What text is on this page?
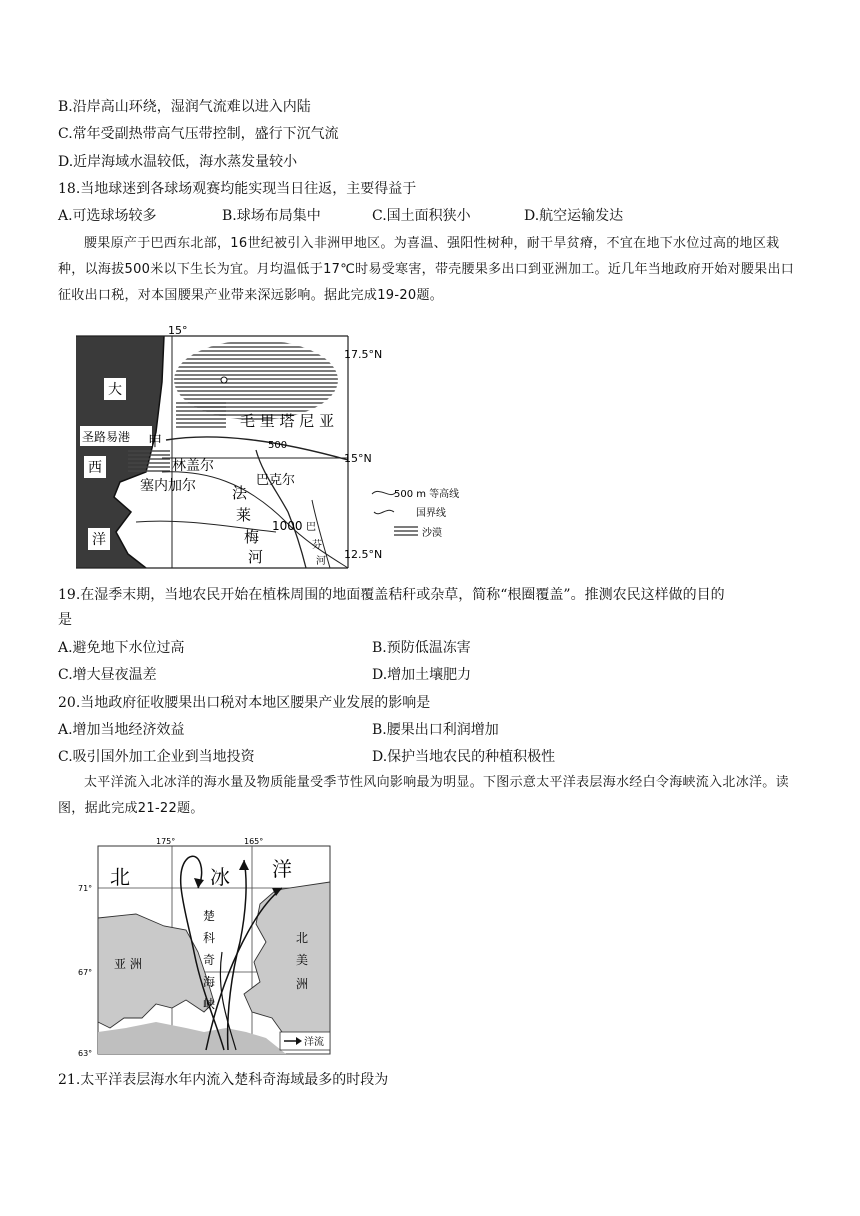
B.沿岸高山环绕，湿润气流难以进入内陆
C.常年受副热带高气压带控制，盛行下沉气流
D.近岸海域水温较低，海水蒸发量较小
18.当地球迷到各球场观赛均能实现当日往返，主要得益于
A.可选球场较多	B.球场布局集中	C.国土面积狭小	D.航空运输发达
腰果原产于巴西东北部，16世纪被引入非洲甲地区。为喜温、强阳性树种，耐干旱贫瘠，不宜在地下水位过高的地区栽种，以海拔500米以下生长为宜。月均温低于17℃时易受寒害，带壳腰果多出口到亚洲加工。近几年当地政府开始对腰果出口征收出口税，对本国腰果产业带来深远影响。据此完成19-20题。
15°
17.5°N
15°N
12.5°N
大
圣路易港
西
洋
甲
毛 里 塔 尼 亚
林盖尔
塞内加尔	巴克尔
500
1000
法
莱
梅
河
巴
芬
河
500 m 等高线
国界线
沙漠
19.在湿季末期，当地农民开始在植株周围的地面覆盖秸秆或杂草，简称“根圈覆盖”。推测农民这样做的目的
是
A.避免地下水位过高	B.预防低温冻害
C.增大昼夜温差	D.增加土壤肥力
20.当地政府征收腰果出口税对本地区腰果产业发展的影响是
A.增加当地经济效益	B.腰果出口利润增加
C.吸引国外加工企业到当地投资	D.保护当地农民的种植积极性
太平洋流入北冰洋的海水量及物质能量受季节性风向影响最为明显。下图示意太平洋表层海水经白令海峡流入北冰洋。读图，据此完成21-22题。
175°	165°
71°
67°
63°
北	冰 洋
楚
科
奇
海
峡
亚 洲
北
美
洲
洋流
21.太平洋表层海水年内流入楚科奇海域最多的时段为
